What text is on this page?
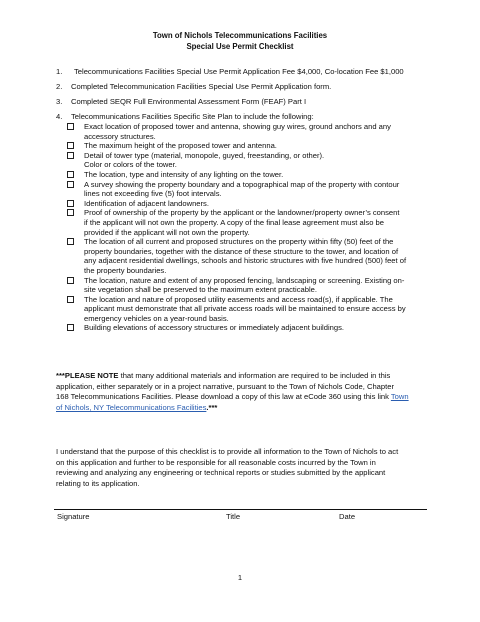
Town of Nichols Telecommunications Facilities
Special Use Permit Checklist
1.	Telecommunications Facilities Special Use Permit Application Fee $4,000, Co-location Fee $1,000
2.	Completed Telecommunication Facilities Special Use Permit Application form.
3.	Completed SEQR Full Environmental Assessment Form (FEAF) Part I
4.	Telecommunications Facilities Specific Site Plan to include the following:
Exact location of proposed tower and antenna, showing guy wires, ground anchors and any
accessory structures.
The maximum height of the proposed tower and antenna.
Detail of tower type (material, monopole, guyed, freestanding, or other).
Color or colors of the tower.
The location, type and intensity of any lighting on the tower.
A survey showing the property boundary and a topographical map of the property with contour
lines not exceeding five (5) foot intervals.
Identification of adjacent landowners.
Proof of ownership of the property by the applicant or the landowner/property owner’s consent
if the applicant will not own the property. A copy of the final lease agreement must also be
provided if the applicant will not own the property.
The location of all current and proposed structures on the property within fifty (50) feet of the
property boundaries, together with the distance of these structure to the tower, and location of
any adjacent residential dwellings, schools and historic structures with five hundred (500) feet of
the property boundaries.
The location, nature and extent of any proposed fencing, landscaping or screening. Existing on-
site vegetation shall be preserved to the maximum extent practicable.
The location and nature of proposed utility easements and access road(s), if applicable. The
applicant must demonstrate that all private access roads will be maintained to ensure access by
emergency vehicles on a year-round basis.
Building elevations of accessory structures or immediately adjacent buildings.
***PLEASE NOTE that many additional materials and information are required to be included in this
application, either separately or in a project narrative, pursuant to the Town of Nichols Code, Chapter
168 Telecommunications Facilities. Please download a copy of this law at eCode 360 using this link Town
of Nichols, NY Telecommunications Facilities.***
I understand that the purpose of this checklist is to provide all information to the Town of Nichols to act
on this application and further to be responsible for all reasonable costs incurred by the Town in
reviewing and analyzing any engineering or technical reports or studies submitted by the applicant
relating to its application.
Signature	Title	Date
1
